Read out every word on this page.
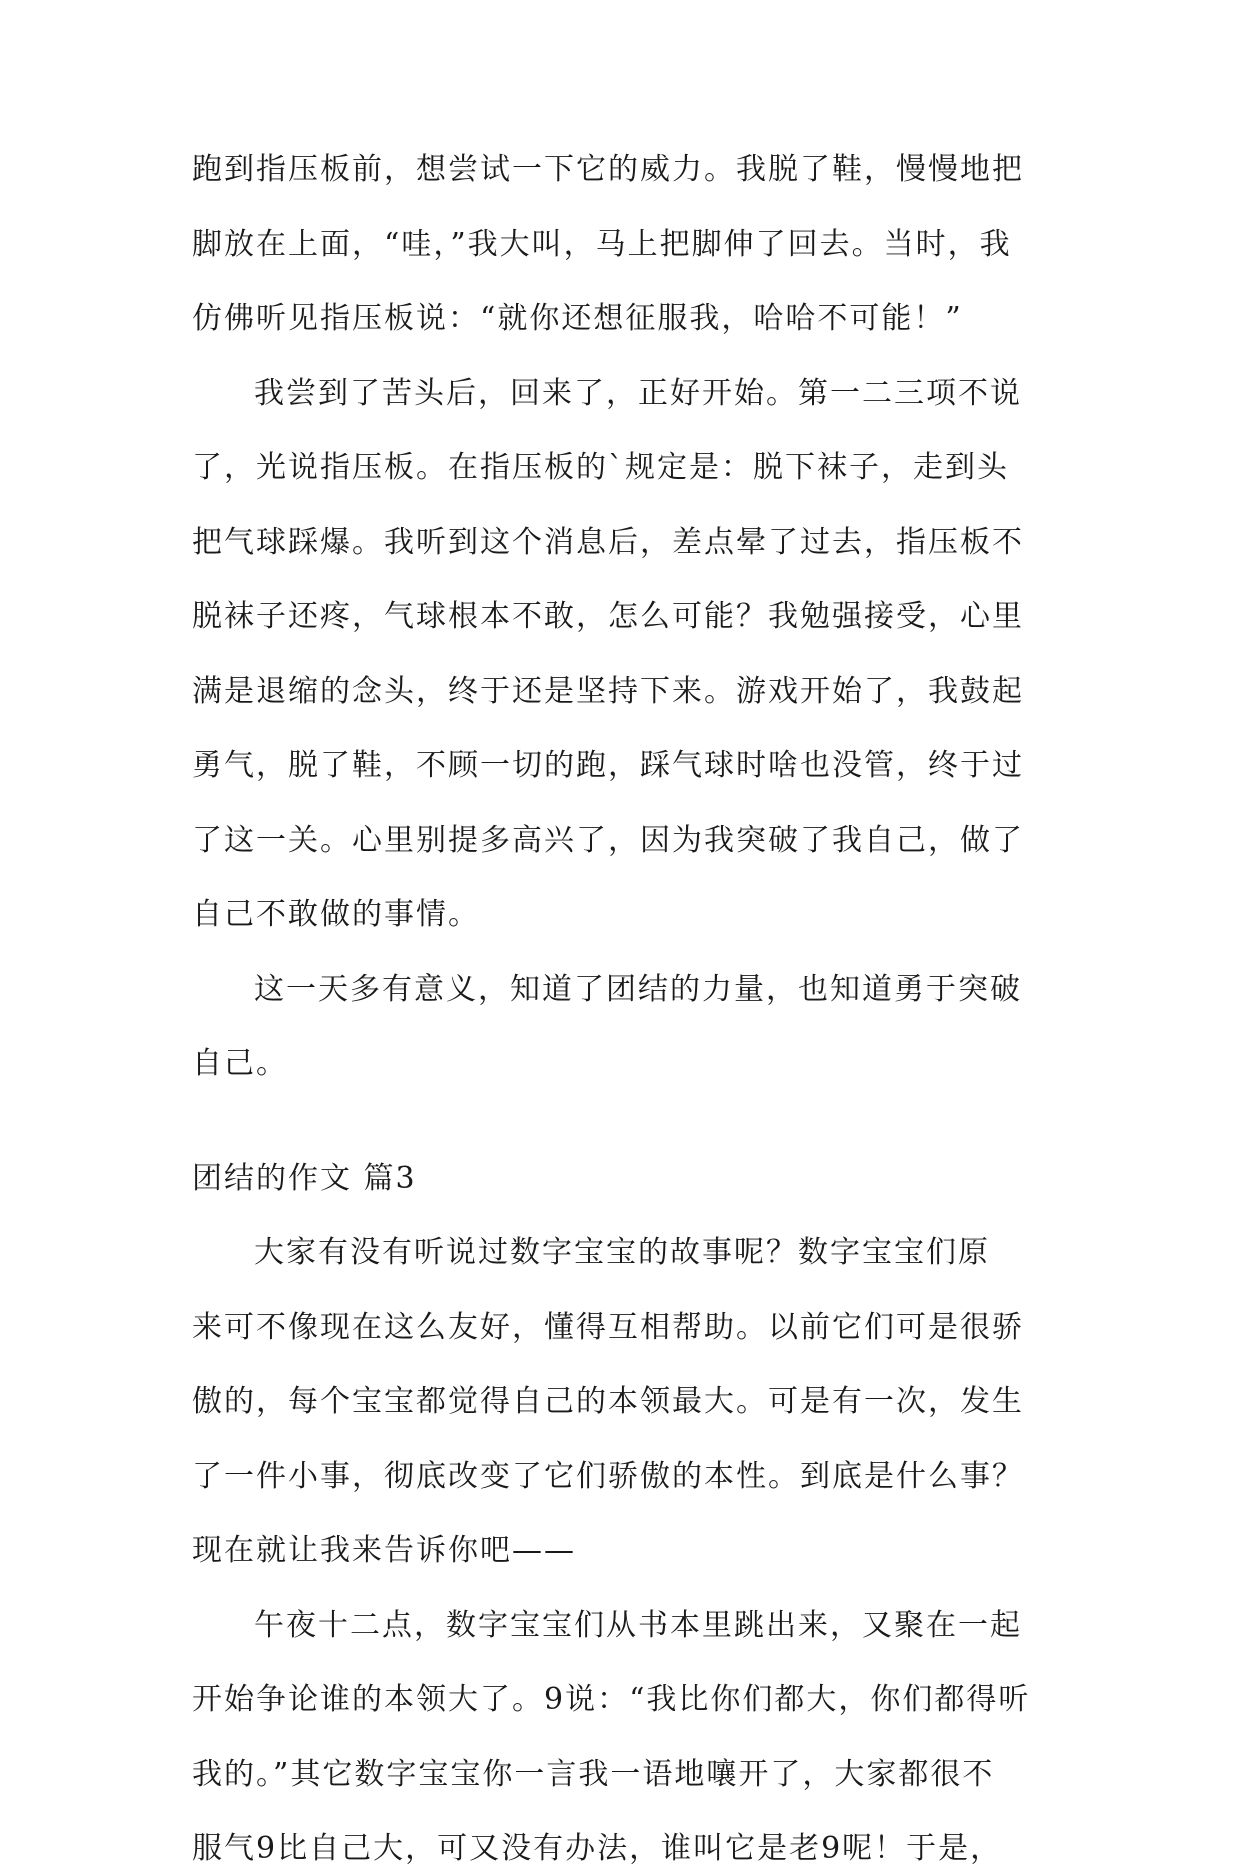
跑到指压板前，想尝试一下它的威力。我脱了鞋，慢慢地把
脚放在上面，“哇，”我大叫，马上把脚伸了回去。当时，我
仿佛听见指压板说：“就你还想征服我，哈哈不可能！”
我尝到了苦头后，回来了，正好开始。第一二三项不说
了，光说指压板。在指压板的`规定是：脱下袜子，走到头
把气球踩爆。我听到这个消息后，差点晕了过去，指压板不
脱袜子还疼，气球根本不敢，怎么可能？我勉强接受，心里
满是退缩的念头，终于还是坚持下来。游戏开始了，我鼓起
勇气，脱了鞋，不顾一切的跑，踩气球时啥也没管，终于过
了这一关。心里别提多高兴了，因为我突破了我自己，做了
自己不敢做的事情。
这一天多有意义，知道了团结的力量，也知道勇于突破
自己。
团结的作文 篇3
大家有没有听说过数字宝宝的故事呢？数字宝宝们原
来可不像现在这么友好，懂得互相帮助。以前它们可是很骄
傲的，每个宝宝都觉得自己的本领最大。可是有一次，发生
了一件小事，彻底改变了它们骄傲的本性。到底是什么事？
现在就让我来告诉你吧——
午夜十二点，数字宝宝们从书本里跳出来，又聚在一起
开始争论谁的本领大了。9说：“我比你们都大，你们都得听
我的。”其它数字宝宝你一言我一语地嚷开了，大家都很不
服气9比自己大，可又没有办法，谁叫它是老9呢！于是，
